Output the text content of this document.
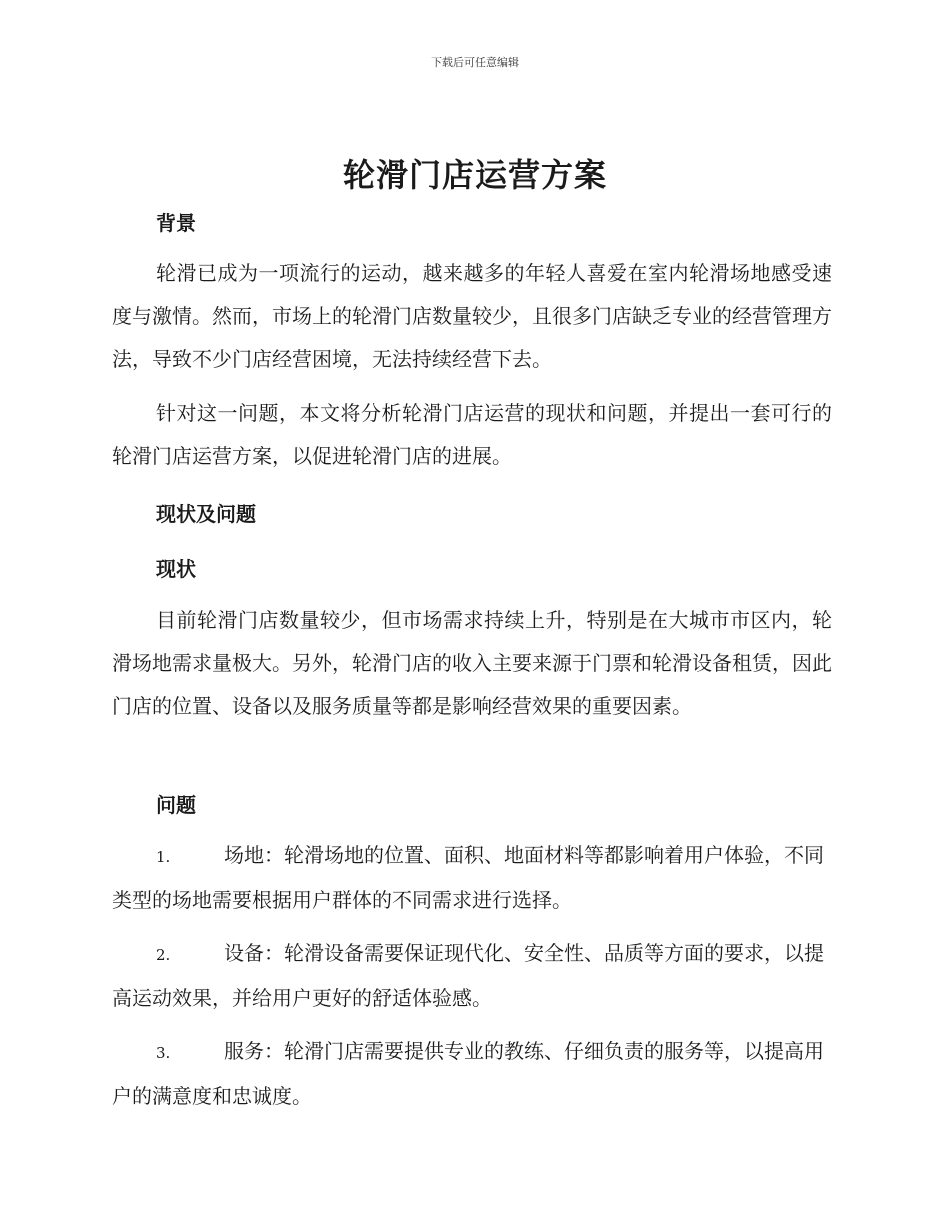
下载后可任意编辑
轮滑门店运营方案
背景

轮滑已成为一项流行的运动，越来越多的年轻人喜爱在室内轮滑场地感受速度与激情。然而，市场上的轮滑门店数量较少，且很多门店缺乏专业的经营管理方法，导致不少门店经营困境，无法持续经营下去。

针对这一问题，本文将分析轮滑门店运营的现状和问题，并提出一套可行的轮滑门店运营方案，以促进轮滑门店的进展。

现状及问题
现状

目前轮滑门店数量较少，但市场需求持续上升，特别是在大城市市区内，轮滑场地需求量极大。另外，轮滑门店的收入主要来源于门票和轮滑设备租赁，因此门店的位置、设备以及服务质量等都是影响经营效果的重要因素。

问题

1.	场地：轮滑场地的位置、面积、地面材料等都影响着用户体验，不同类型的场地需要根据用户群体的不同需求进行选择。

2.	设备：轮滑设备需要保证现代化、安全性、品质等方面的要求，以提高运动效果，并给用户更好的舒适体验感。

3.	服务：轮滑门店需要提供专业的教练、仔细负责的服务等，以提高用户的满意度和忠诚度。
